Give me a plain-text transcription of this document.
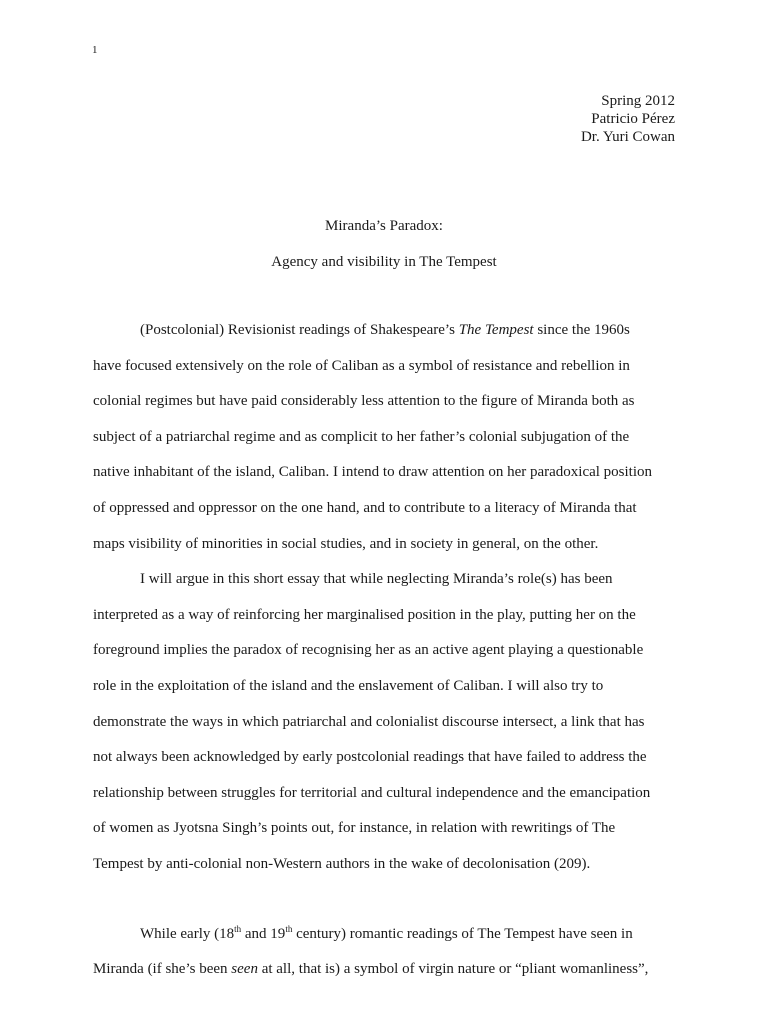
1
Spring 2012
Patricio Pérez
Dr. Yuri Cowan
Miranda’s Paradox:
Agency and visibility in The Tempest
(Postcolonial) Revisionist readings of Shakespeare’s The Tempest since the 1960s
have focused extensively on the role of Caliban as a symbol of resistance and rebellion in
colonial regimes but have paid considerably less attention to the figure of Miranda both as
subject of a patriarchal regime and as complicit to her father’s colonial subjugation of the
native inhabitant of the island, Caliban. I intend to draw attention on her paradoxical position
of oppressed and oppressor on the one hand, and to contribute to a literacy of Miranda that
maps visibility of minorities in social studies, and in society in general, on the other.
I will argue in this short essay that while neglecting Miranda’s role(s) has been
interpreted as a way of reinforcing her marginalised position in the play, putting her on the
foreground implies the paradox of recognising her as an active agent playing a questionable
role in the exploitation of the island and the enslavement of Caliban. I will also try to
demonstrate the ways in which patriarchal and colonialist discourse intersect, a link that has
not always been acknowledged by early postcolonial readings that have failed to address the
relationship between struggles for territorial and cultural independence and the emancipation
of women as Jyotsna Singh’s points out, for instance, in relation with rewritings of The
Tempest by anti-colonial non-Western authors in the wake of decolonisation (209).
While early (18th and 19th century) romantic readings of The Tempest have seen in
Miranda (if she’s been seen at all, that is) a symbol of virgin nature or “pliant womanliness”,
